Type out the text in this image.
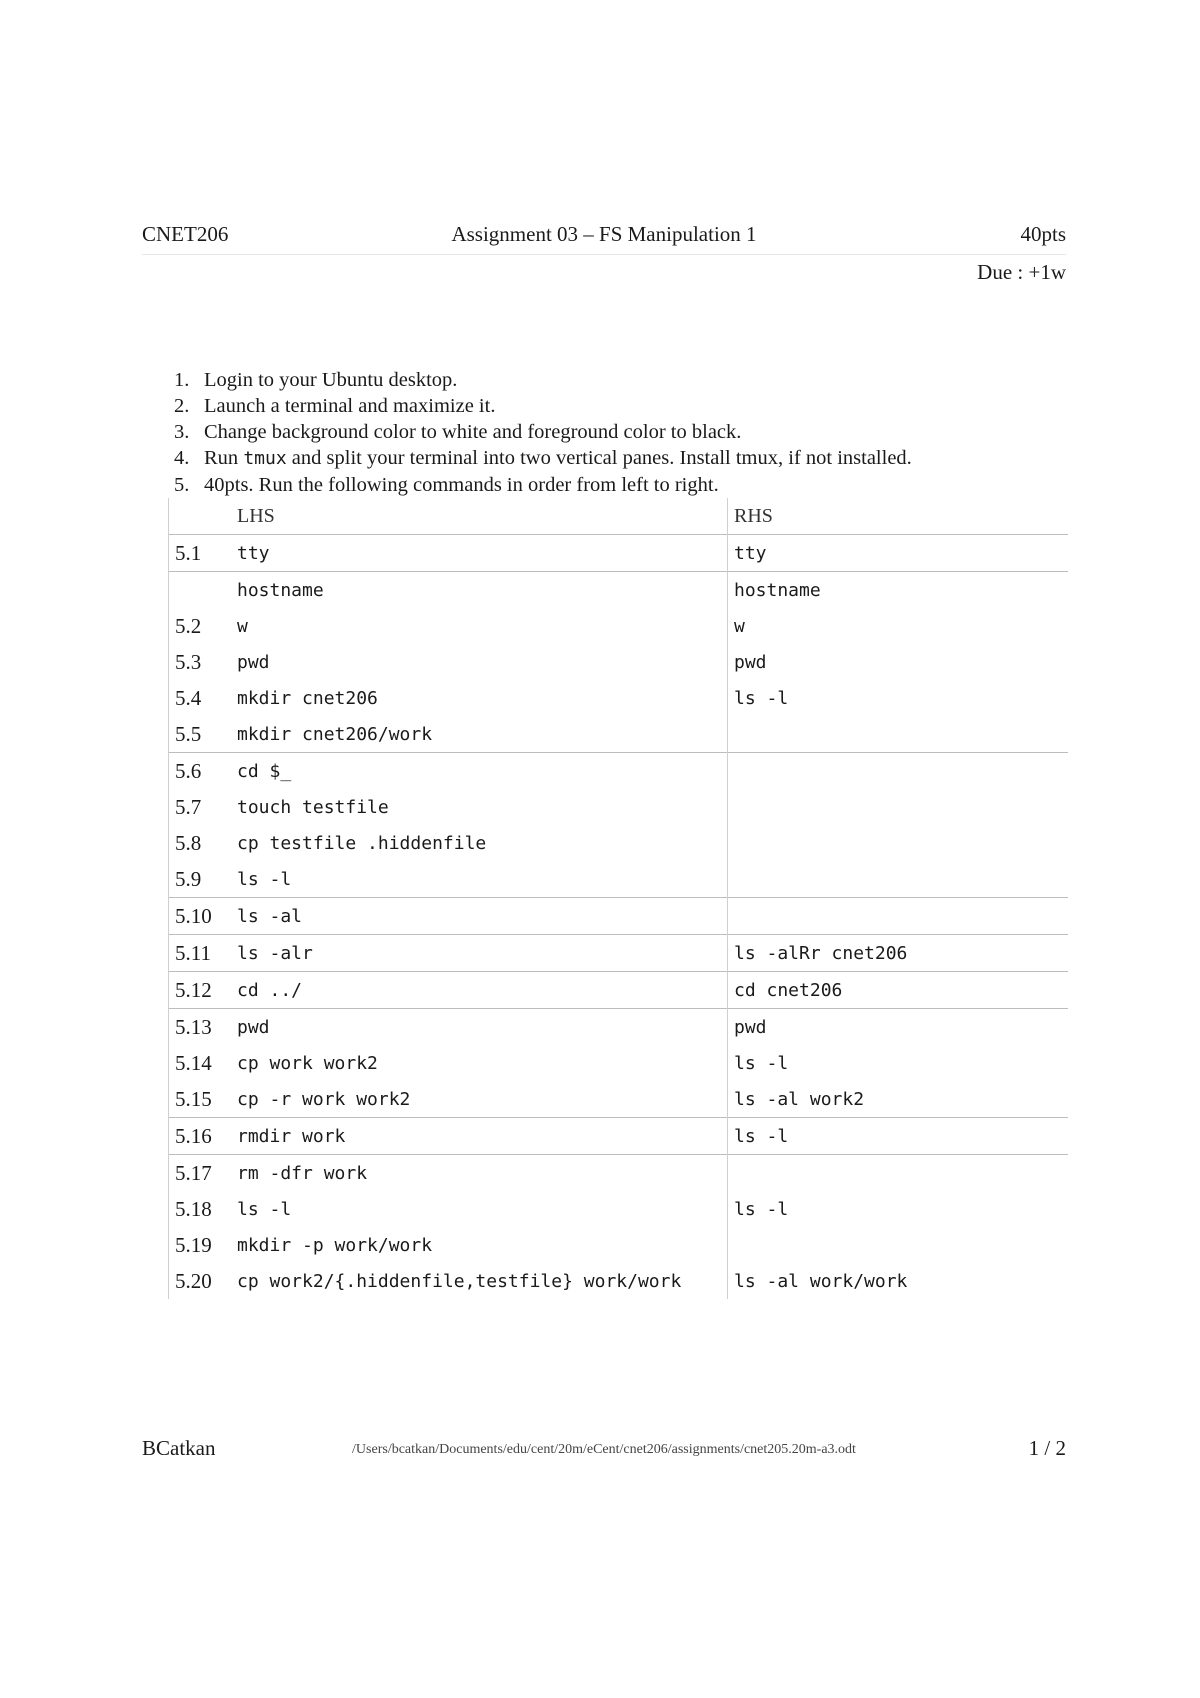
CNET206	Assignment 03 – FS Manipulation 1	40pts
Due : +1w
1. Login to your Ubuntu desktop.
2. Launch a terminal and maximize it.
3. Change background color to white and foreground color to black.
4. Run tmux and split your terminal into two vertical panes. Install tmux, if not installed.
5. 40pts. Run the following commands in order from left to right.
	LHS	RHS
5.1	tty	tty
	hostname	hostname
5.2	w	w
5.3	pwd	pwd
5.4	mkdir cnet206	ls -l
5.5	mkdir cnet206/work	
5.6	cd $_	
5.7	touch testfile	
5.8	cp testfile .hiddenfile	
5.9	ls -l	
5.10	ls -al	
5.11	ls -alr	ls -alRr cnet206
5.12	cd ../	cd cnet206
5.13	pwd	pwd
5.14	cp work work2	ls -l
5.15	cp -r work work2	ls -al work2
5.16	rmdir work	ls -l
5.17	rm -dfr work	
5.18	ls -l	ls -l
5.19	mkdir -p work/work	
5.20	cp work2/{.hiddenfile,testfile} work/work	ls -al work/work
BCatkan	/Users/bcatkan/Documents/edu/cent/20m/eCent/cnet206/assignments/cnet205.20m-a3.odt	1 / 2
